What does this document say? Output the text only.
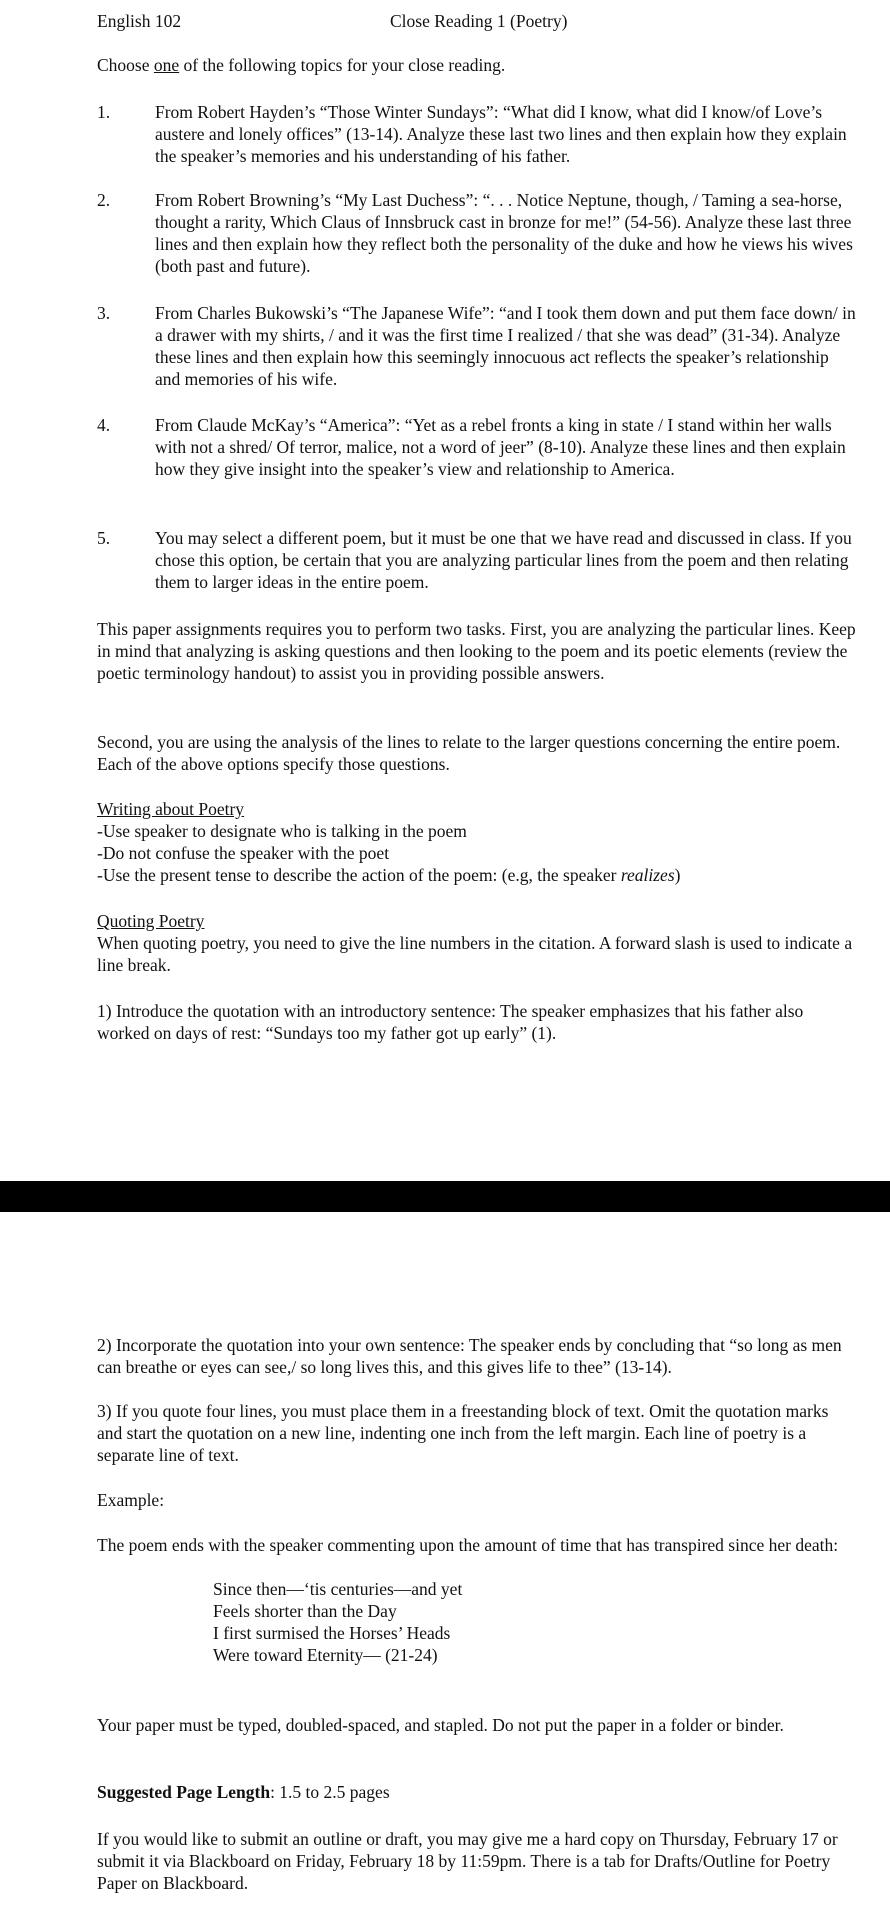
English 102	Close Reading 1 (Poetry)

Choose one of the following topics for your close reading.

1.	From Robert Hayden’s “Those Winter Sundays”: “What did I know, what did I know/of Love’s austere and lonely offices” (13-14). Analyze these last two lines and then explain how they explain the speaker’s memories and his understanding of his father.

2.	From Robert Browning’s “My Last Duchess”: “. . . Notice Neptune, though, / Taming a sea-horse, thought a rarity, Which Claus of Innsbruck cast in bronze for me!” (54-56). Analyze these last three lines and then explain how they reflect both the personality of the duke and how he views his wives (both past and future).

3.	From Charles Bukowski’s “The Japanese Wife”: “and I took them down and put them face down/ in a drawer with my shirts, / and it was the first time I realized / that she was dead” (31-34). Analyze these lines and then explain how this seemingly innocuous act reflects the speaker’s relationship and memories of his wife.

4.	From Claude McKay’s “America”: “Yet as a rebel fronts a king in state / I stand within her walls with not a shred/ Of terror, malice, not a word of jeer” (8-10). Analyze these lines and then explain how they give insight into the speaker’s view and relationship to America.

5.	You may select a different poem, but it must be one that we have read and discussed in class. If you chose this option, be certain that you are analyzing particular lines from the poem and then relating them to larger ideas in the entire poem.

This paper assignments requires you to perform two tasks. First, you are analyzing the particular lines. Keep in mind that analyzing is asking questions and then looking to the poem and its poetic elements (review the poetic terminology handout) to assist you in providing possible answers.

Second, you are using the analysis of the lines to relate to the larger questions concerning the entire poem. Each of the above options specify those questions.

Writing about Poetry
-Use speaker to designate who is talking in the poem
-Do not confuse the speaker with the poet
-Use the present tense to describe the action of the poem: (e.g, the speaker realizes)
Quoting Poetry

When quoting poetry, you need to give the line numbers in the citation. A forward slash is used to indicate a line break.

1) Introduce the quotation with an introductory sentence: The speaker emphasizes that his father also worked on days of rest: “Sundays too my father got up early” (1).

2) Incorporate the quotation into your own sentence: The speaker ends by concluding that “so long as men can breathe or eyes can see,/ so long lives this, and this gives life to thee” (13-14).

3) If you quote four lines, you must place them in a freestanding block of text. Omit the quotation marks and start the quotation on a new line, indenting one inch from the left margin. Each line of poetry is a separate line of text.

Example:

The poem ends with the speaker commenting upon the amount of time that has transpired since her death:

Since then—‘tis centuries—and yet
Feels shorter than the Day
I first surmised the Horses’ Heads
Were toward Eternity— (21-24)

Your paper must be typed, doubled-spaced, and stapled. Do not put the paper in a folder or binder.

Suggested Page Length: 1.5 to 2.5 pages

If you would like to submit an outline or draft, you may give me a hard copy on Thursday, February 17 or submit it via Blackboard on Friday, February 18 by 11:59pm. There is a tab for Drafts/Outline for Poetry Paper on Blackboard.
